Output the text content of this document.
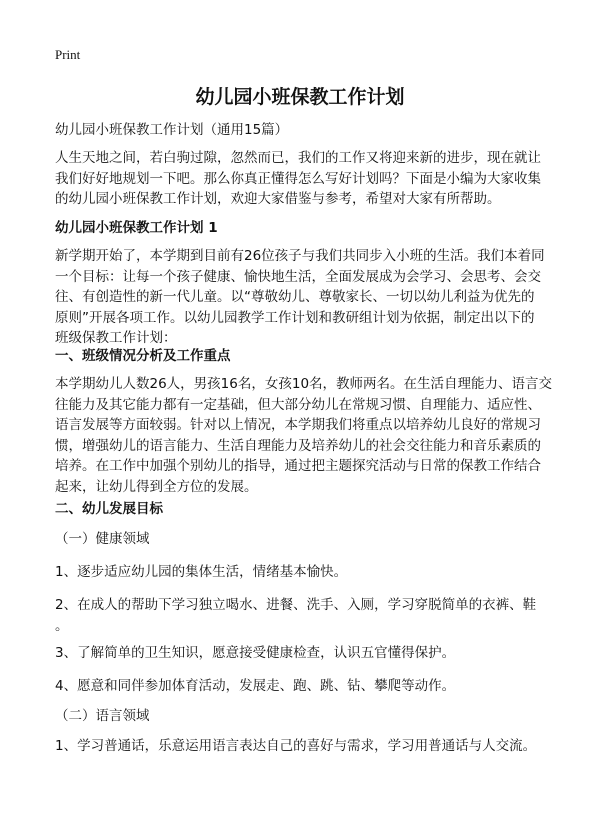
Print
幼儿园小班保教工作计划
幼儿园小班保教工作计划（通用15篇）
人生天地之间，若白驹过隙，忽然而已，我们的工作又将迎来新的进步，现在就让
我们好好地规划一下吧。那么你真正懂得怎么写好计划吗？下面是小编为大家收集
的幼儿园小班保教工作计划，欢迎大家借鉴与参考，希望对大家有所帮助。
幼儿园小班保教工作计划 1
新学期开始了，本学期到目前有26位孩子与我们共同步入小班的生活。我们本着同
一个目标：让每一个孩子健康、愉快地生活，全面发展成为会学习、会思考、会交
往、有创造性的新一代儿童。以“尊敬幼儿、尊敬家长、一切以幼儿利益为优先的
原则”开展各项工作。以幼儿园教学工作计划和教研组计划为依据，制定出以下的
班级保教工作计划：
一、班级情况分析及工作重点
本学期幼儿人数26人，男孩16名，女孩10名，教师两名。在生活自理能力、语言交
往能力及其它能力都有一定基础，但大部分幼儿在常规习惯、自理能力、适应性、
语言发展等方面较弱。针对以上情况，本学期我们将重点以培养幼儿良好的常规习
惯，增强幼儿的语言能力、生活自理能力及培养幼儿的社会交往能力和音乐素质的
培养。在工作中加强个别幼儿的指导，通过把主题探究活动与日常的保教工作结合
起来，让幼儿得到全方位的发展。
二、幼儿发展目标
（一）健康领域
1、逐步适应幼儿园的集体生活，情绪基本愉快。
2、在成人的帮助下学习独立喝水、进餐、洗手、入厕，学习穿脱简单的衣裤、鞋
。
3、了解简单的卫生知识，愿意接受健康检查，认识五官懂得保护。
4、愿意和同伴参加体育活动，发展走、跑、跳、钻、攀爬等动作。
（二）语言领域
1、学习普通话，乐意运用语言表达自己的喜好与需求，学习用普通话与人交流。
